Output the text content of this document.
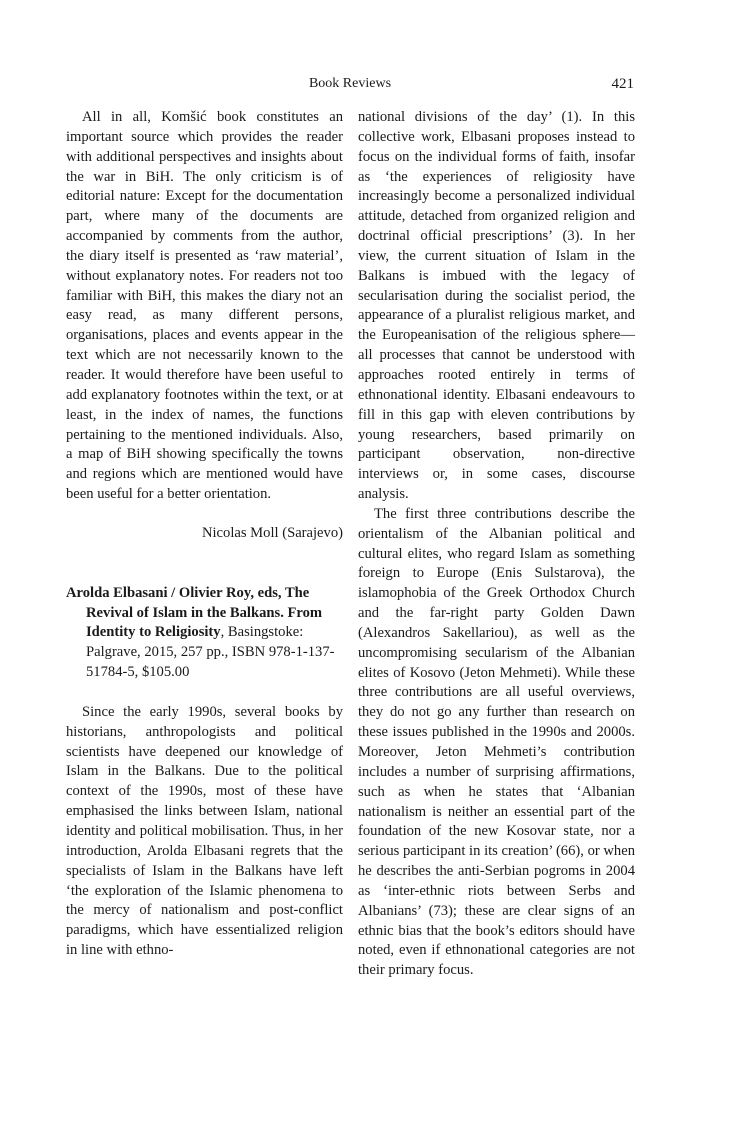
Book Reviews	421

All in all, Komšić book constitutes an important source which provides the reader with additional perspectives and insights about the war in BiH. The only criticism is of editorial nature: Except for the documentation part, where many of the documents are accompanied by comments from the author, the diary itself is presented as ‘raw material’, without explanatory notes. For readers not too familiar with BiH, this makes the diary not an easy read, as many different persons, organisations, places and events appear in the text which are not necessarily known to the reader. It would therefore have been useful to add explanatory footnotes within the text, or at least, in the index of names, the functions pertaining to the mentioned individuals. Also, a map of BiH showing specifically the towns and regions which are mentioned would have been useful for a better orientation.

Nicolas Moll (Sarajevo)

Arolda Elbasani / Olivier Roy, eds, The Revival of Islam in the Balkans. From Identity to Religiosity, Basingstoke: Palgrave, 2015, 257 pp., ISBN 978-1-137-51784-5, $105.00

Since the early 1990s, several books by historians, anthropologists and political scientists have deepened our knowledge of Islam in the Balkans. Due to the political context of the 1990s, most of these have emphasised the links between Islam, national identity and political mobilisation. Thus, in her introduction, Arolda Elbasani regrets that the specialists of Islam in the Balkans have left ‘the exploration of the Islamic phenomena to the mercy of nationalism and post-conflict paradigms, which have essentialized religion in line with ethno-

national divisions of the day’ (1). In this collective work, Elbasani proposes instead to focus on the individual forms of faith, insofar as ‘the experiences of religiosity have increasingly become a personalized individual attitude, detached from organized religion and doctrinal official prescriptions’ (3). In her view, the current situation of Islam in the Balkans is imbued with the legacy of secularisation during the socialist period, the appearance of a pluralist religious market, and the Europeanisation of the religious sphere—all processes that cannot be understood with approaches rooted entirely in terms of ethnonational identity. Elbasani endeavours to fill in this gap with eleven contributions by young researchers, based primarily on participant observation, non-directive interviews or, in some cases, discourse analysis.

The first three contributions describe the orientalism of the Albanian political and cultural elites, who regard Islam as something foreign to Europe (Enis Sulstarova), the islamophobia of the Greek Orthodox Church and the far-right party Golden Dawn (Alexandros Sakellariou), as well as the uncompromising secularism of the Albanian elites of Kosovo (Jeton Mehmeti). While these three contributions are all useful overviews, they do not go any further than research on these issues published in the 1990s and 2000s. Moreover, Jeton Mehmeti’s contribution includes a number of surprising affirmations, such as when he states that ‘Albanian nationalism is neither an essential part of the foundation of the new Kosovar state, nor a serious participant in its creation’ (66), or when he describes the anti-Serbian pogroms in 2004 as ‘inter-ethnic riots between Serbs and Albanians’ (73); these are clear signs of an ethnic bias that the book’s editors should have noted, even if ethnonational categories are not their primary focus.
